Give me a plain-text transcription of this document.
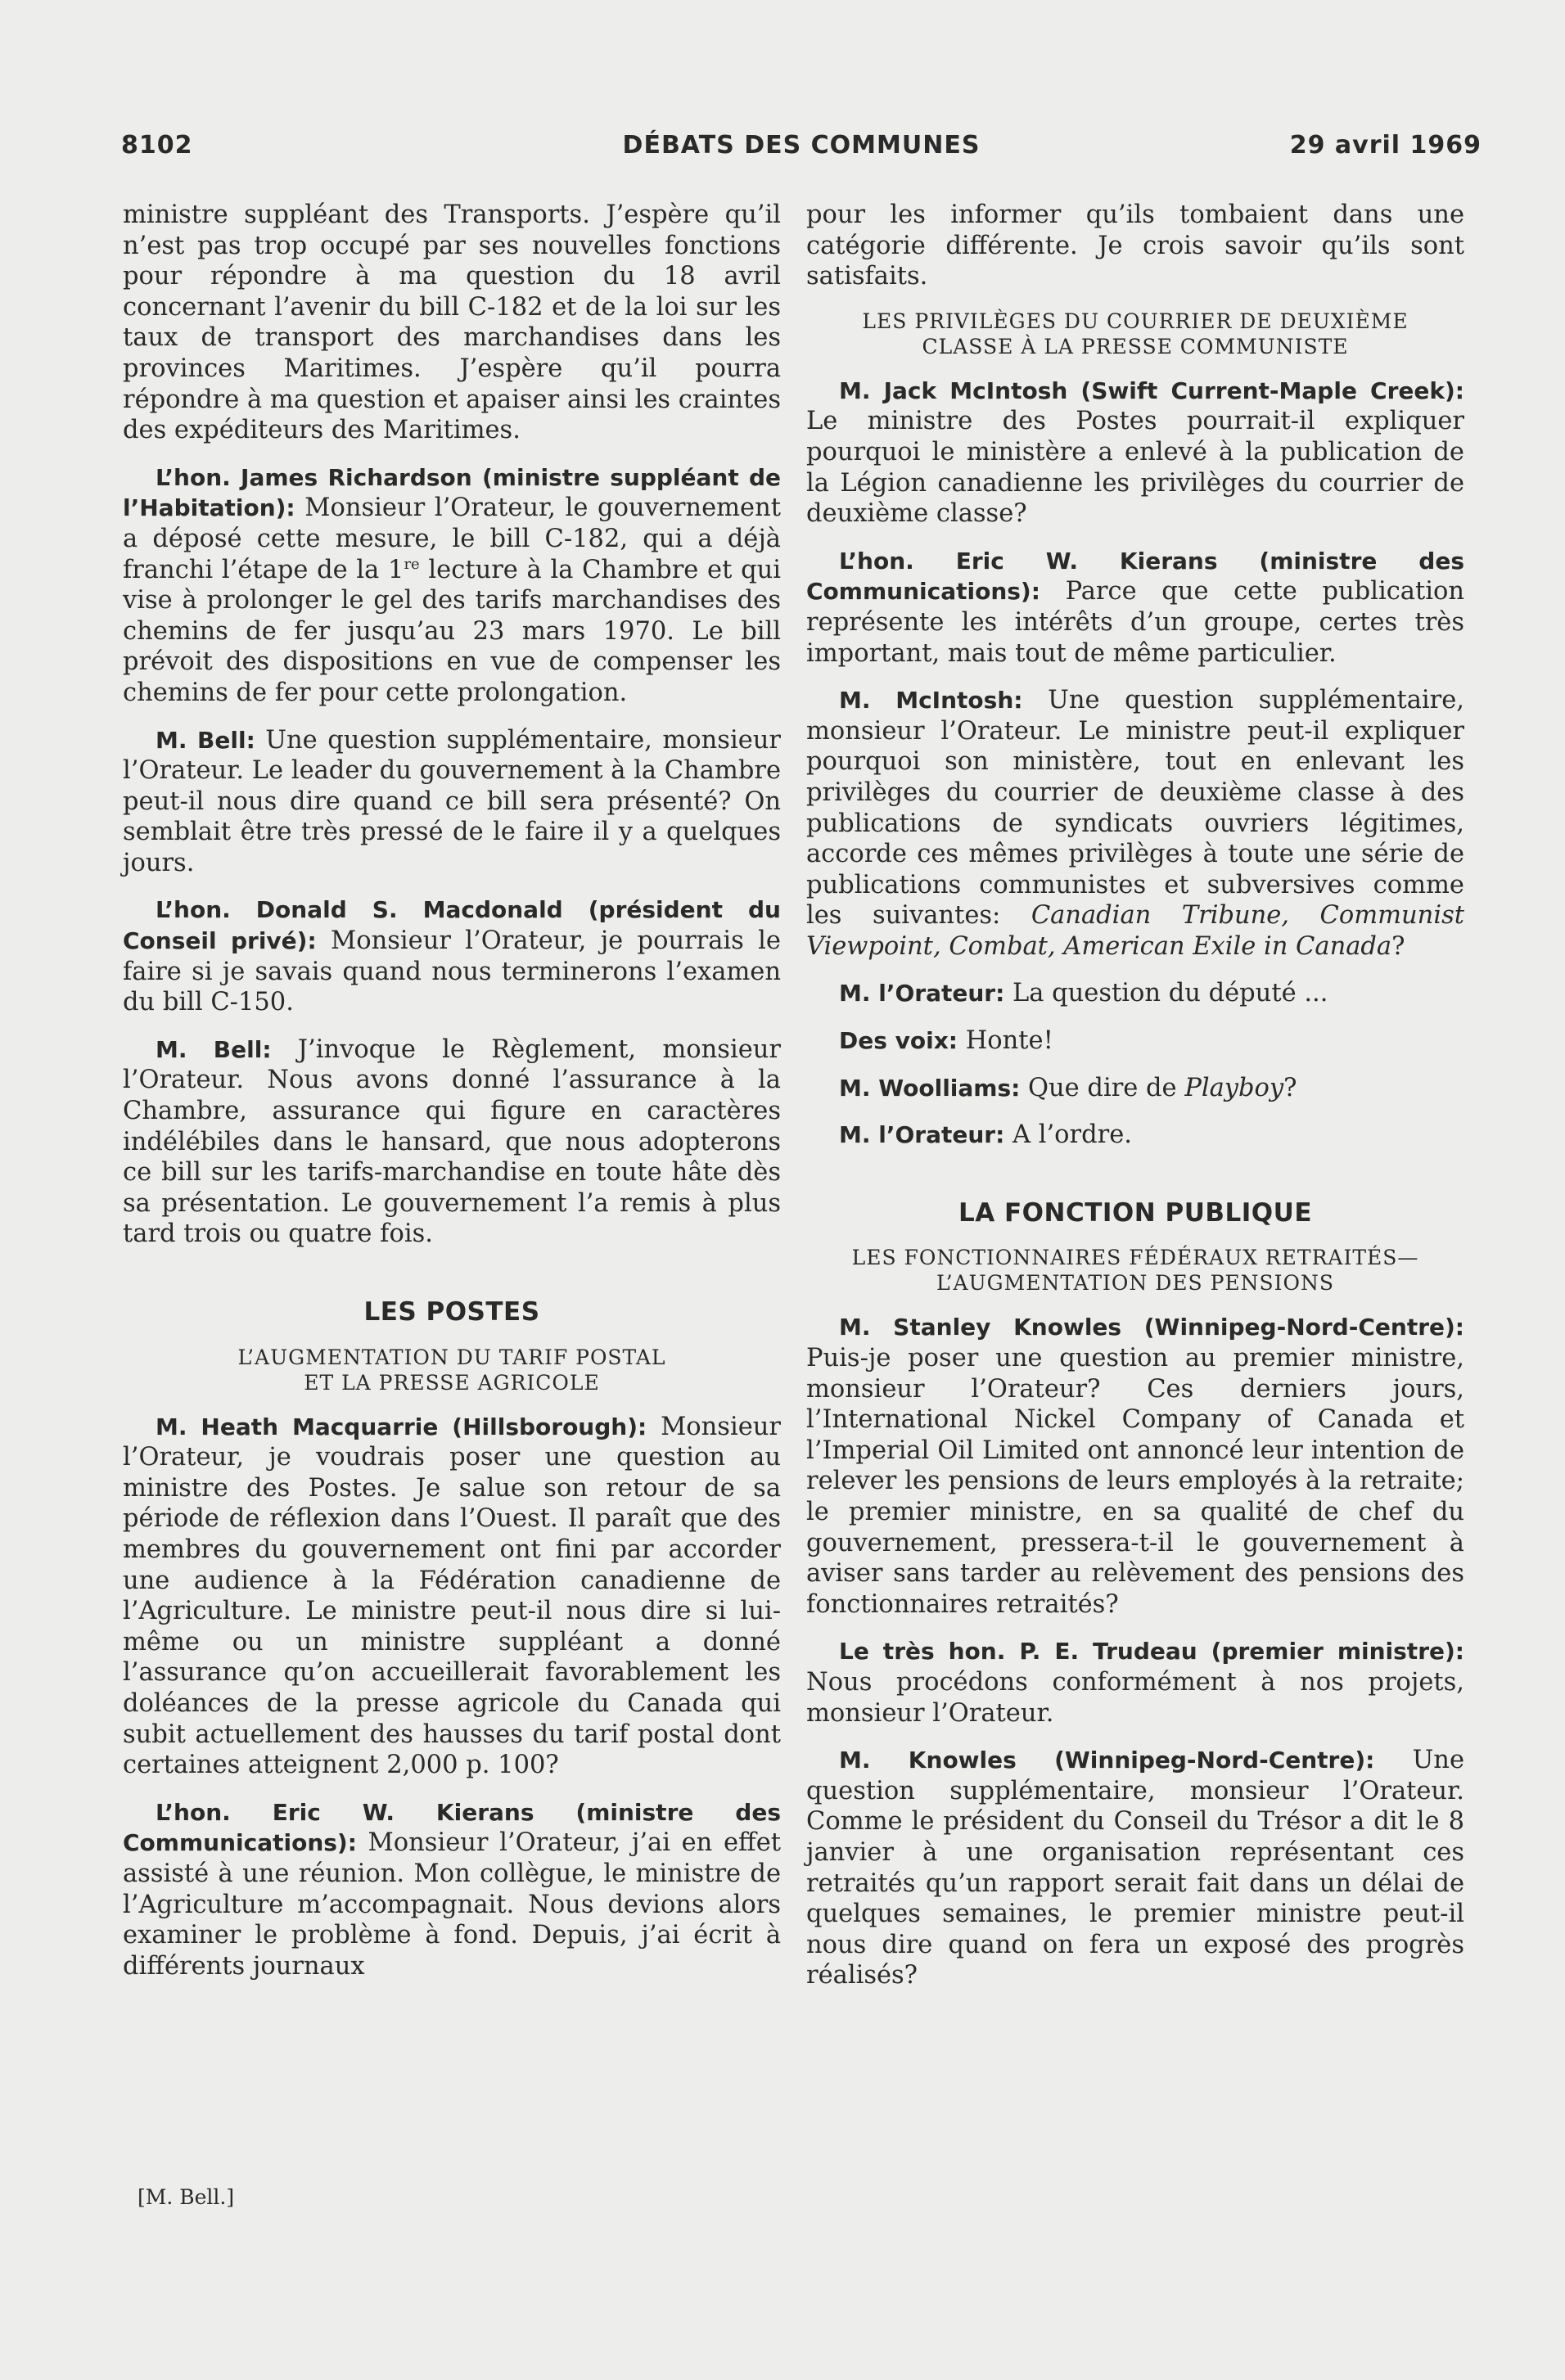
8102	DÉBATS DES COMMUNES	29 avril 1969

ministre suppléant des Transports. J’espère qu’il n’est pas trop occupé par ses nouvelles fonctions pour répondre à ma question du 18 avril concernant l’avenir du bill C-182 et de la loi sur les taux de transport des marchandises dans les provinces Maritimes. J’espère qu’il pourra répondre à ma question et apaiser ainsi les craintes des expéditeurs des Maritimes.

L’hon. James Richardson (ministre suppléant de l’Habitation): Monsieur l’Orateur, le gouvernement a déposé cette mesure, le bill C-182, qui a déjà franchi l’étape de la 1re lecture à la Chambre et qui vise à prolonger le gel des tarifs marchandises des chemins de fer jusqu’au 23 mars 1970. Le bill prévoit des dispositions en vue de compenser les chemins de fer pour cette prolongation.

M. Bell: Une question supplémentaire, monsieur l’Orateur. Le leader du gouvernement à la Chambre peut-il nous dire quand ce bill sera présenté? On semblait être très pressé de le faire il y a quelques jours.

L’hon. Donald S. Macdonald (président du Conseil privé): Monsieur l’Orateur, je pourrais le faire si je savais quand nous terminerons l’examen du bill C-150.

M. Bell: J’invoque le Règlement, monsieur l’Orateur. Nous avons donné l’assurance à la Chambre, assurance qui figure en caractères indélébiles dans le hansard, que nous adopterons ce bill sur les tarifs-marchandise en toute hâte dès sa présentation. Le gouvernement l’a remis à plus tard trois ou quatre fois.

LES POSTES
L’AUGMENTATION DU TARIF POSTAL
ET LA PRESSE AGRICOLE

M. Heath Macquarrie (Hillsborough): Monsieur l’Orateur, je voudrais poser une question au ministre des Postes. Je salue son retour de sa période de réflexion dans l’Ouest. Il paraît que des membres du gouvernement ont fini par accorder une audience à la Fédération canadienne de l’Agriculture. Le ministre peut-il nous dire si lui-même ou un ministre suppléant a donné l’assurance qu’on accueillerait favorablement les doléances de la presse agricole du Canada qui subit actuellement des hausses du tarif postal dont certaines atteignent 2,000 p. 100?

L’hon. Eric W. Kierans (ministre des Communications): Monsieur l’Orateur, j’ai en effet assisté à une réunion. Mon collègue, le ministre de l’Agriculture m’accompagnait. Nous devions alors examiner le problème à fond. Depuis, j’ai écrit à différents journaux

pour les informer qu’ils tombaient dans une catégorie différente. Je crois savoir qu’ils sont satisfaits.

LES PRIVILÈGES DU COURRIER DE DEUXIÈME
CLASSE À LA PRESSE COMMUNISTE

M. Jack McIntosh (Swift Current-Maple Creek): Le ministre des Postes pourrait-il expliquer pourquoi le ministère a enlevé à la publication de la Légion canadienne les privilèges du courrier de deuxième classe?

L’hon. Eric W. Kierans (ministre des Communications): Parce que cette publication représente les intérêts d’un groupe, certes très important, mais tout de même particulier.

M. McIntosh: Une question supplémentaire, monsieur l’Orateur. Le ministre peut-il expliquer pourquoi son ministère, tout en enlevant les privilèges du courrier de deuxième classe à des publications de syndicats ouvriers légitimes, accorde ces mêmes privilèges à toute une série de publications communistes et subversives comme les suivantes: Canadian Tribune, Communist Viewpoint, Combat, American Exile in Canada?

M. l’Orateur: La question du député ...

Des voix: Honte!

M. Woolliams: Que dire de Playboy?

M. l’Orateur: A l’ordre.

LA FONCTION PUBLIQUE
LES FONCTIONNAIRES FÉDÉRAUX RETRAITÉS—
L’AUGMENTATION DES PENSIONS

M. Stanley Knowles (Winnipeg-Nord-Centre): Puis-je poser une question au premier ministre, monsieur l’Orateur? Ces derniers jours, l’International Nickel Company of Canada et l’Imperial Oil Limited ont annoncé leur intention de relever les pensions de leurs employés à la retraite; le premier ministre, en sa qualité de chef du gouvernement, pressera-t-il le gouvernement à aviser sans tarder au relèvement des pensions des fonctionnaires retraités?

Le très hon. P. E. Trudeau (premier ministre): Nous procédons conformément à nos projets, monsieur l’Orateur.

M. Knowles (Winnipeg-Nord-Centre): Une question supplémentaire, monsieur l’Orateur. Comme le président du Conseil du Trésor a dit le 8 janvier à une organisation représentant ces retraités qu’un rapport serait fait dans un délai de quelques semaines, le premier ministre peut-il nous dire quand on fera un exposé des progrès réalisés?

[M. Bell.]
